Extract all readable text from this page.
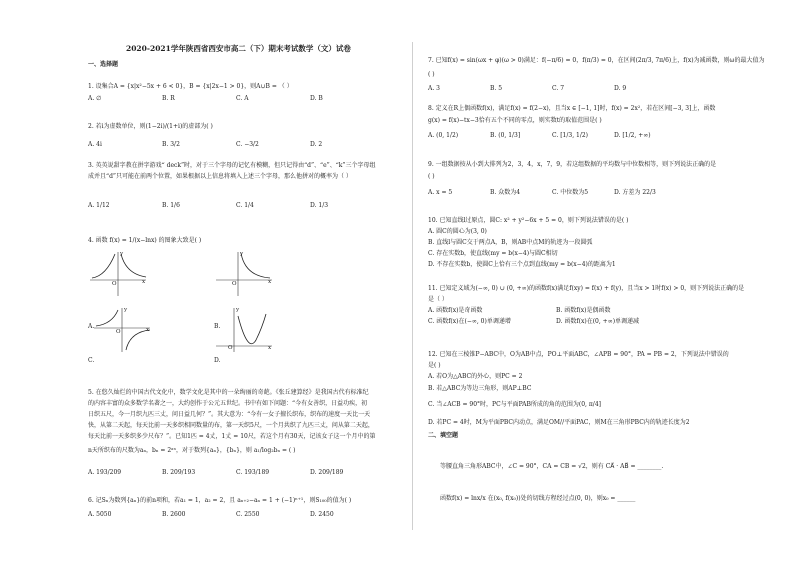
2020-2021学年陕西省西安市高二（下）期末考试数学（文）试卷
一、选择题
1. 设集合A = {x|x²−5x + 6 < 0}，B = {x|2x−1 > 0}，则A∪B = （ ）
A. ∅	B. R	C. A	D. B
2. 若i为虚数单位，则(1−2i)/(1+i)的虚部为( )
A. 4i	B. 3/2	C. −3/2	D. 2
3. 英英说甜字教在拼字游戏“ deck”时，对于三个字母的记忆有模糊，但只记得由“d”、“e”、“k”三个字母组
成并且“d”只可能在前两个位置，如果根据以上信息将填入上述三个字母，那么他拼对的概率为（ ）
A. 1/12	B. 1/6	C. 1/4	D. 1/3
4. 函数 f(x) = 1/(x−lnx) 的图象大致是( )
O	x
y
A.
O	x
y
B.
O	x
y
C.
O	x
y
D.
5. 在悠久灿烂的中国古代文化中，数学文化是其中的一朵绚丽的奇葩。《张丘建算经》是我国古代有标准纪
的内容丰富的众多数学名著之一，大约创作于公元五世纪。书中有如下问题：“今有女善织，日益功疾，初
日织五尺，今一月织九匹三丈，问日益几何？”。其大意为：“今有一女子擅长织布，织布的速度一天比一天
快，从第二天起，每天比前一天多织相同数量的布，第一天织5尺，一个月共织了九匹三丈，问从第二天起，
每天比前一天多织多少尺布？”。已知1匹 = 4丈，1丈 = 10尺，若这个月有30天，记该女子这一个月中的第
n天所织布的尺数为aₙ，bₙ = 2ᵃⁿ，对于数列{aₙ}，{bₙ}，则 a₁/log₂bₙ = ( )
A. 193/209	B. 209/193	C. 193/189	D. 209/189
6. 记Sₙ为数列{aₙ}的前n项和，若a₁ = 1，a₂ = 2，且 aₙ₊₂−aₙ = 1 + (−1)ⁿ⁺¹，则S₁₀₀的值为( )
A. 5050	B. 2600	C. 2550	D. 2450
7. 已知f(x) = sin(ωx + φ)(ω > 0)满足：f(−π/6) = 0，f(π/3) = 0，在区间(2π/3, 7π/6)上，f(x)为减函数，则ω的最大值为
( )
A. 3	B. 5	C. 7	D. 9
8. 定义在R上偶函数f(x)，满足f(x) = f(2−x)，且当x ∈ [−1, 1]时，f(x) = 2x²，若在区间[−3, 3]上，函数
g(x) = f(x)−tx−3恰有五个不同的零点，则实数t的取值范围是( )
A. (0, 1/2)	B. (0, 1/3]	C. [1/3, 1/2)	D. [1/2, +∞)
9. 一组数据按从小到大排列为2，3，4，x，7，9，若这组数据的平均数与中位数相等，则下列说法正确的是
( )
A. x = 5	B. 众数为4	C. 中位数为5	D. 方差为 22/3
10. 已知直线l过原点，圆C: x² + y²−6x + 5 = 0，则下列说法错误的是( )
A. 圆C的圆心为(3, 0)
B. 直线l与圆C交于两点A，B，则AB中点M的轨迹为一段圆弧
C. 存在实数b，使直线(my = b(x−4)与圆C相切
D. 不存在实数b，使圆C上恰有三个点到直线(my = b(x−4)的距离为1
11. 已知定义域为(−∞, 0) ∪ (0, +∞)的函数f(x)满足f(xy) = f(x) + f(y)，且当x > 1时f(x) > 0，则下列说法正确的是
是（ ）
A. 函数f(x)是奇函数	B. 函数f(x)是偶函数
C. 函数f(x)在(−∞, 0)单调递增	D. 函数f(x)在(0, +∞)单调递减
12. 已知在三棱锥P−ABC中，O为AB中点，PO⊥平面ABC，∠APB = 90°，PA = PB = 2，下列说法中错误的
是( )
A. 若O为△ABC的外心，则PC = 2
B. 若△ABC为等边三角形，则AP⊥BC
C. 当∠ACB = 90°时，PC与平面PAB所成的角的范围为(0, π/4]
D. 若PC = 4时，M为平面PBC内动点，满足OM//平面PAC，则M在三角形PBC内的轨迹长度为2
二、填空题
等腰直角三角形ABC中，∠C = 90°，CA = CB = √2，则有 CA⃗ · AB⃗ = ________.
函数f(x) = lnx/x 在(x₀, f(x₀))处的切线方程经过点(0, 0)，则x₀ = ______
